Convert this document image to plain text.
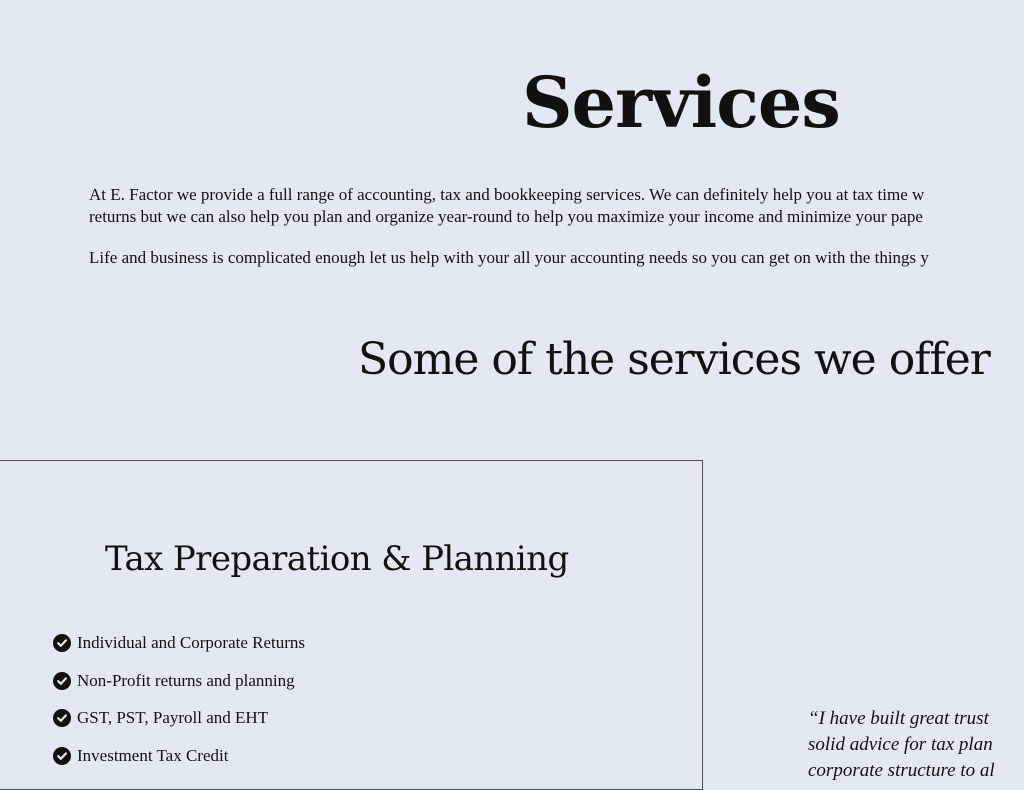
Services

At E. Factor we provide a full range of accounting, tax and bookkeeping services. We can definitely help you at tax time w
returns but we can also help you plan and organize year-round to help you maximize your income and minimize your pape

Life and business is complicated enough let us help with your all your accounting needs so you can get on with the things y

Some of the services we offer
Tax Preparation & Planning
Individual and Corporate Returns
Non-Profit returns and planning
GST, PST, Payroll and EHT
Investment Tax Credit
“I have built great trust
solid advice for tax plan
corporate structure to al
